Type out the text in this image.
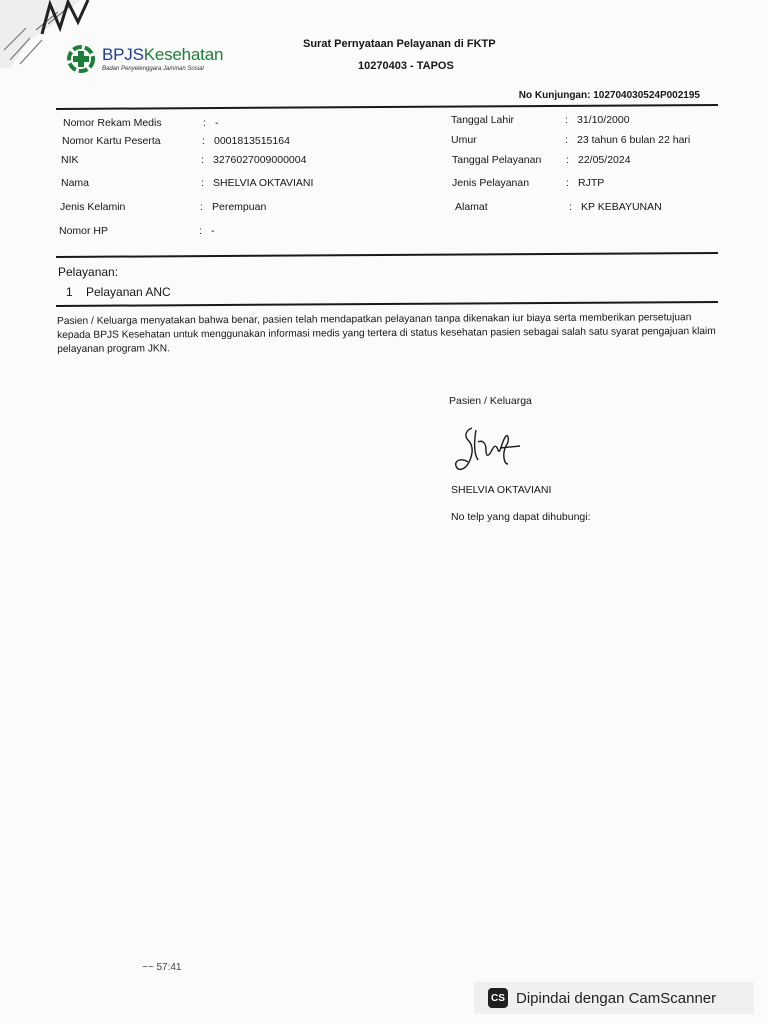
BPJSKesehatan
Badan Penyelenggara Jaminan Sosial
Surat Pernyataan Pelayanan di FKTP
10270403 - TAPOS
No Kunjungan: 102704030524P002195
Nomor Rekam Medis	: -
Nomor Kartu Peserta	: 0001813515164
NIK	: 3276027009000004
Nama	: SHELVIA OKTAVIANI
Jenis Kelamin	: Perempuan
Nomor HP	: -
Tanggal Lahir	: 31/10/2000
Umur	: 23 tahun 6 bulan 22 hari
Tanggal Pelayanan	: 22/05/2024
Jenis Pelayanan	: RJTP
Alamat	: KP KEBAYUNAN
Pelayanan:
1 Pelayanan ANC
Pasien / Keluarga menyatakan bahwa benar, pasien telah mendapatkan pelayanan tanpa dikenakan iur biaya serta memberikan persetujuan kepada BPJS Kesehatan untuk menggunakan informasi medis yang tertera di status kesehatan pasien sebagai salah satu syarat pengajuan klaim pelayanan program JKN.
Pasien / Keluarga
SHELVIA OKTAVIANI
No telp yang dapat dihubungi:
~~ 57:41
CS Dipindai dengan CamScanner
